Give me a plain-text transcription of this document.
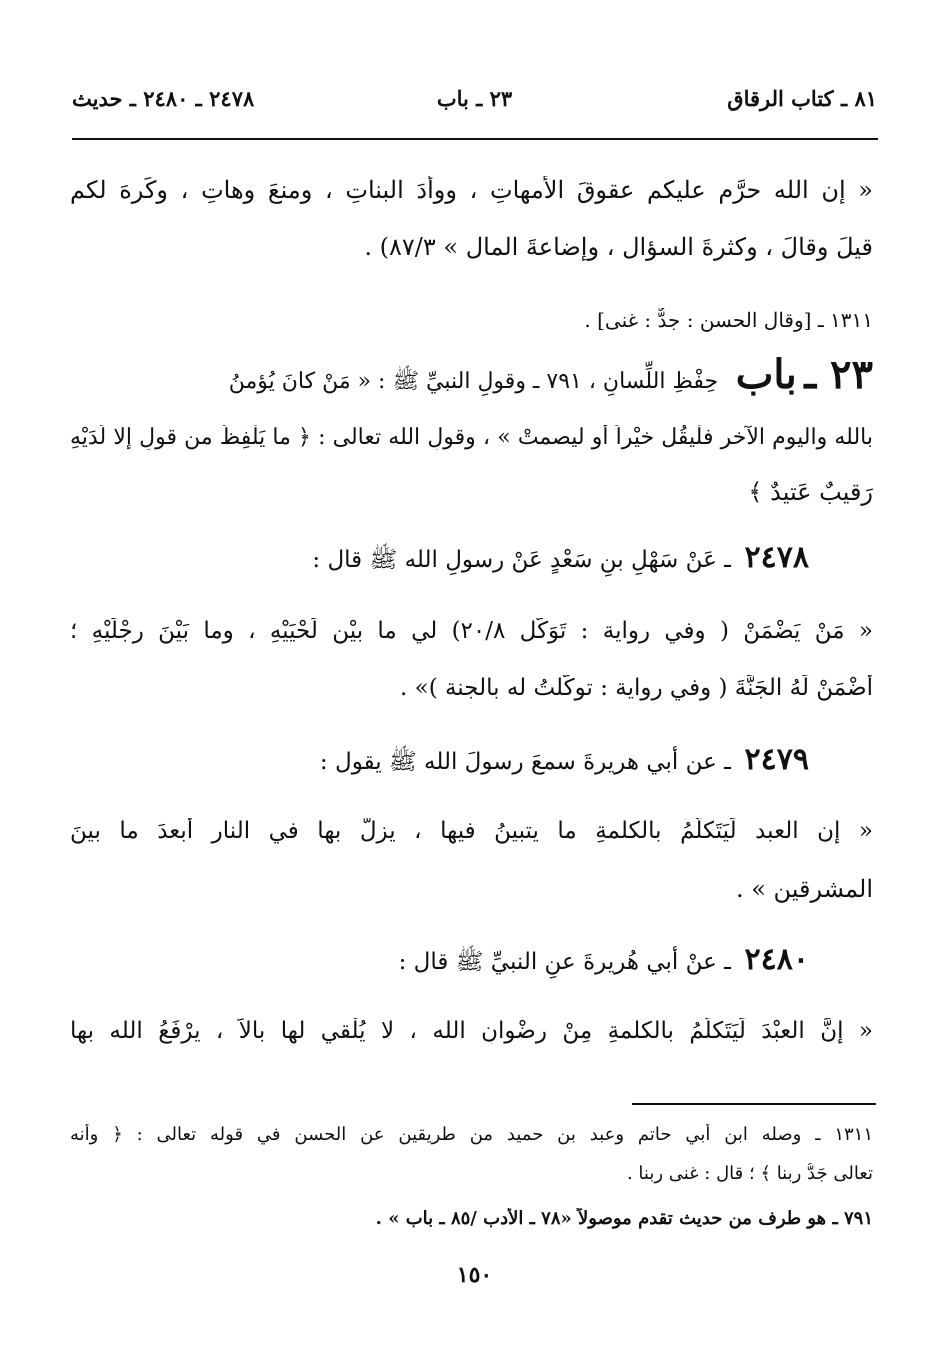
٨١ ـ كتاب الرقاق
٢٣ ـ باب
٢٤٧٨ ـ ٢٤٨٠ ـ حديث
« إن الله حرَّم عليكم عقوقَ الأمهاتِ ، ووأدَ البناتِ ، ومنعَ وهاتِ ، وكَرِهَ لكم
قيلَ وقالَ ، وكثرةَ السؤالِ ، وإضاعةَ المالِ » ٨٧/٣) .
١٣١١ ـ [وقال الحسن : جدٌّ : غنى] .
٢٣ ـ باب حِفْظِ اللِّسانِ ، ٧٩١ ـ وقولِ النبيِّ ﷺ : « مَنْ كانَ يُؤمنُ
بالله واليومِ الآخرِ فلْيقُل خيْراً أو ليصمتْ » ، وقولِ الله تعالى : ﴿ ما يَلْفِظُ من قولٍ إلا لَدَيْهِ
رَقيبٌ عَتيدٌ ﴾
٢٤٧٨ ـ عَنْ سَهْلِ بنِ سَعْدٍ عَنْ رسولِ الله ﷺ قال :
« مَنْ يَضْمَنْ ( وفي رواية : تَوَكَّل ٢٠/٨) لي ما بيْن لَحْيَيْهِ ، وما بَيْنَ رِجْلَيْهِ ؛
أَضْمَنْ لَهُ الجَنَّةَ ( وفي رواية : توكَّلتُ له بالجنة )» .
٢٤٧٩ ـ عن أبي هريرةَ سمعَ رسولَ الله ﷺ يقول :
« إن العبد لَيَتَكلَّمُ بالكلمةِ ما يتبينُ فيها ، يزلُّ بها في النارِ أبعدَ ما بينَ
المشرقين » .
٢٤٨٠ ـ عنْ أبي هُريرةَ عنِ النبيِّ ﷺ قال :
« إنَّ العبْدَ لَيَتَكلَّمُ بالكلمةِ مِنْ رِضْوانِ الله ، لا يُلْقي لها بالاً ، يرْفَعُ الله بها
١٣١١ ـ وصله ابن أبي حاتم وعبد بن حميد من طريقين عن الحسن في قوله تعالى : ﴿ وأنه
تعالى جَدُّ ربنا ﴾ ؛ قال : غنى ربنا .
٧٩١ ـ هو طرف من حديث تقدم موصولاً «٧٨ ـ الأدب /٨٥ ـ باب » .
١٥٠
